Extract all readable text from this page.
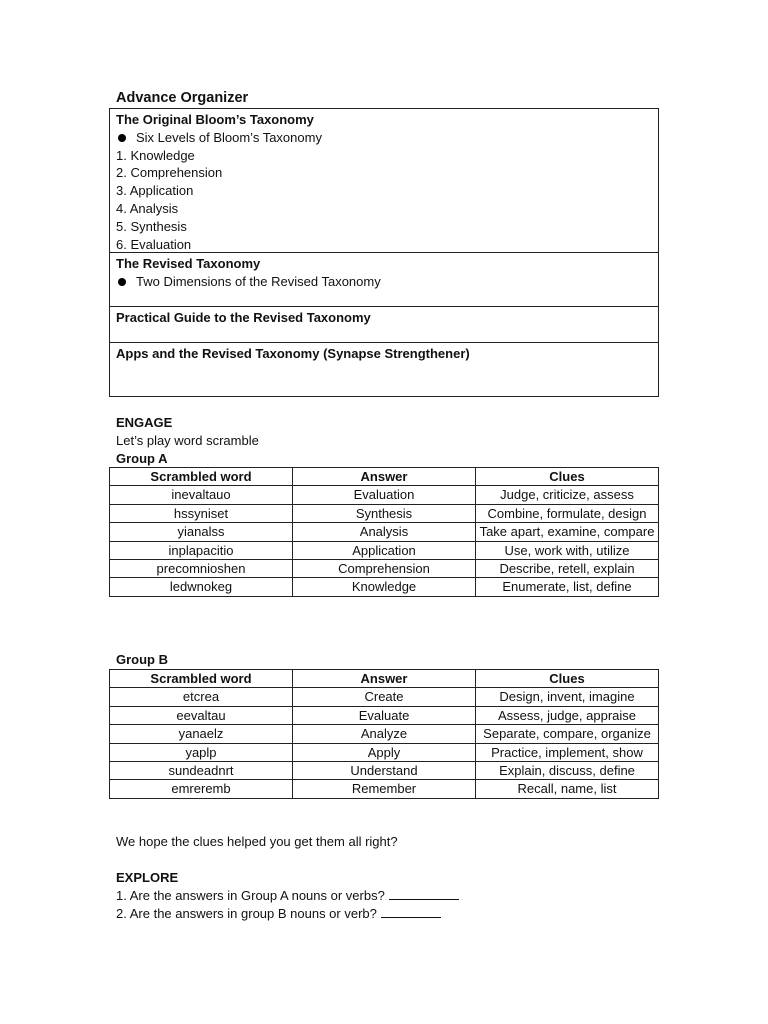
Advance Organizer
The Original Bloom’s Taxonomy
Six Levels of Bloom’s Taxonomy
1. Knowledge
2. Comprehension
3. Application
4. Analysis
5. Synthesis
6. Evaluation
The Revised Taxonomy
Two Dimensions of the Revised Taxonomy
Practical Guide to the Revised Taxonomy
Apps and the Revised Taxonomy (Synapse Strengthener)
ENGAGE
Let’s play word scramble
Group A
Scrambled word	Answer	Clues
inevaltauo	Evaluation	Judge, criticize, assess
hssyniset	Synthesis	Combine, formulate, design
yianalss	Analysis	Take apart, examine, compare
inplapacitio	Application	Use, work with, utilize
precomnioshen	Comprehension	Describe, retell, explain
ledwnokeg	Knowledge	Enumerate, list, define
Group B
Scrambled word	Answer	Clues
etcrea	Create	Design, invent, imagine
eevaltau	Evaluate	Assess, judge, appraise
yanaelz	Analyze	Separate, compare, organize
yaplp	Apply	Practice, implement, show
sundeadnrt	Understand	Explain, discuss, define
emreremb	Remember	Recall, name, list
We hope the clues helped you get them all right?
EXPLORE
1. Are the answers in Group A nouns or verbs?
2. Are the answers in group B nouns or verb?
